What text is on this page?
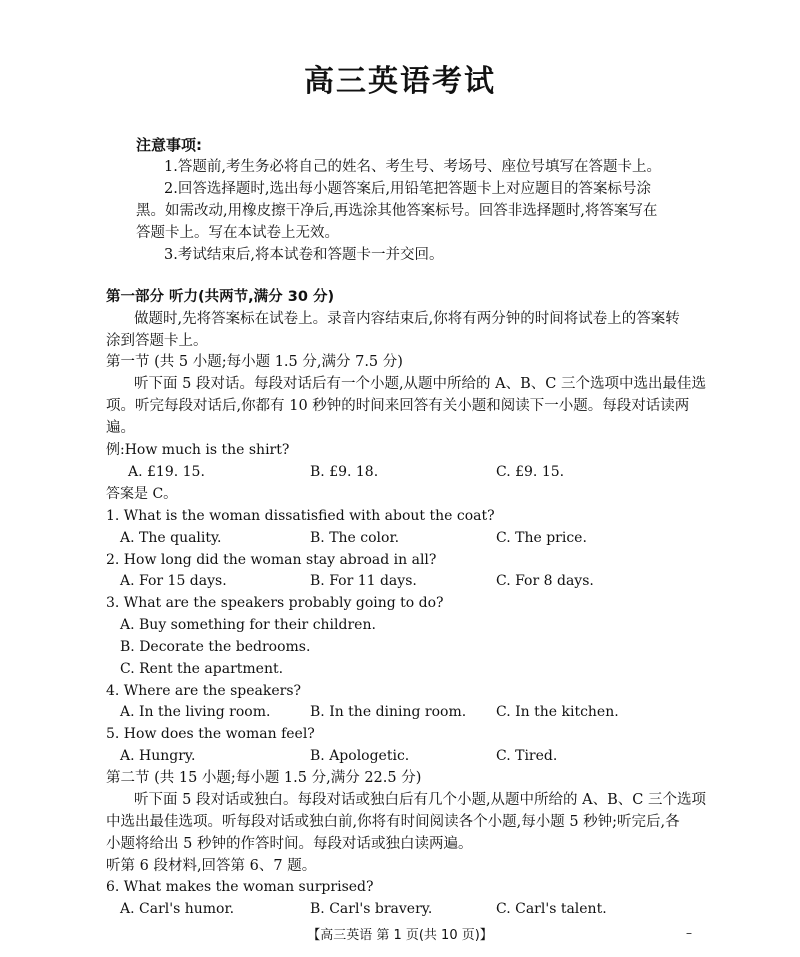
高三英语考试
注意事项:
1.答题前,考生务必将自己的姓名、考生号、考场号、座位号填写在答题卡上。
2.回答选择题时,选出每小题答案后,用铅笔把答题卡上对应题目的答案标号涂
黑。如需改动,用橡皮擦干净后,再选涂其他答案标号。回答非选择题时,将答案写在
答题卡上。写在本试卷上无效。
3.考试结束后,将本试卷和答题卡一并交回。
第一部分 听力(共两节,满分 30 分)
做题时,先将答案标在试卷上。录音内容结束后,你将有两分钟的时间将试卷上的答案转
涂到答题卡上。
第一节 (共 5 小题;每小题 1.5 分,满分 7.5 分)
听下面 5 段对话。每段对话后有一个小题,从题中所给的 A、B、C 三个选项中选出最佳选
项。听完每段对话后,你都有 10 秒钟的时间来回答有关小题和阅读下一小题。每段对话读两
遍。
例:How much is the shirt?
A. £19. 15.	B. £9. 18.	C. £9. 15.
答案是 C。
1. What is the woman dissatisfied with about the coat?
A. The quality.	B. The color.	C. The price.
2. How long did the woman stay abroad in all?
A. For 15 days.	B. For 11 days.	C. For 8 days.
3. What are the speakers probably going to do?
A. Buy something for their children.
B. Decorate the bedrooms.
C. Rent the apartment.
4. Where are the speakers?
A. In the living room.	B. In the dining room. C. In the kitchen.
5. How does the woman feel?
A. Hungry.	B. Apologetic.	C. Tired.
第二节 (共 15 小题;每小题 1.5 分,满分 22.5 分)
听下面 5 段对话或独白。每段对话或独白后有几个小题,从题中所给的 A、B、C 三个选项
中选出最佳选项。听每段对话或独白前,你将有时间阅读各个小题,每小题 5 秒钟;听完后,各
小题将给出 5 秒钟的作答时间。每段对话或独白读两遍。
听第 6 段材料,回答第 6、7 题。
6. What makes the woman surprised?
A. Carl's humor.	B. Carl's bravery.	C. Carl's talent.
【高三英语 第 1 页(共 10 页)】	–
